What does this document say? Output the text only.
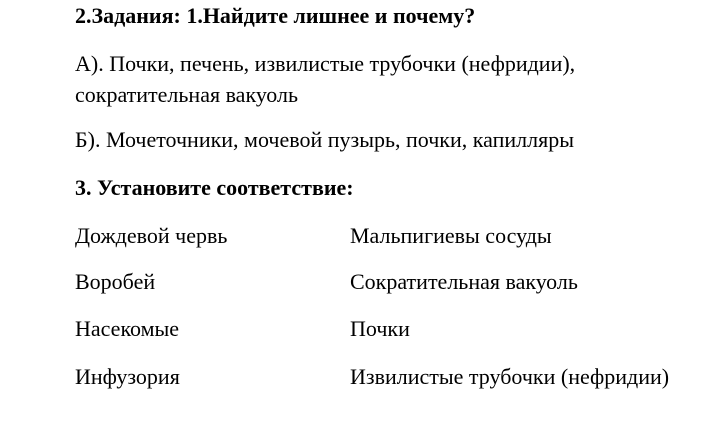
2.Задания: 1.Найдите лишнее и почему?
А). Почки, печень, извилистые трубочки (нефридии),
сократительная вакуоль
Б). Мочеточники, мочевой пузырь, почки, капилляры
3. Установите соответствие:
Дождевой червь	Мальпигиевы сосуды
Воробей	Сократительная вакуоль
Насекомые	Почки
Инфузория	Извилистые трубочки (нефридии)
